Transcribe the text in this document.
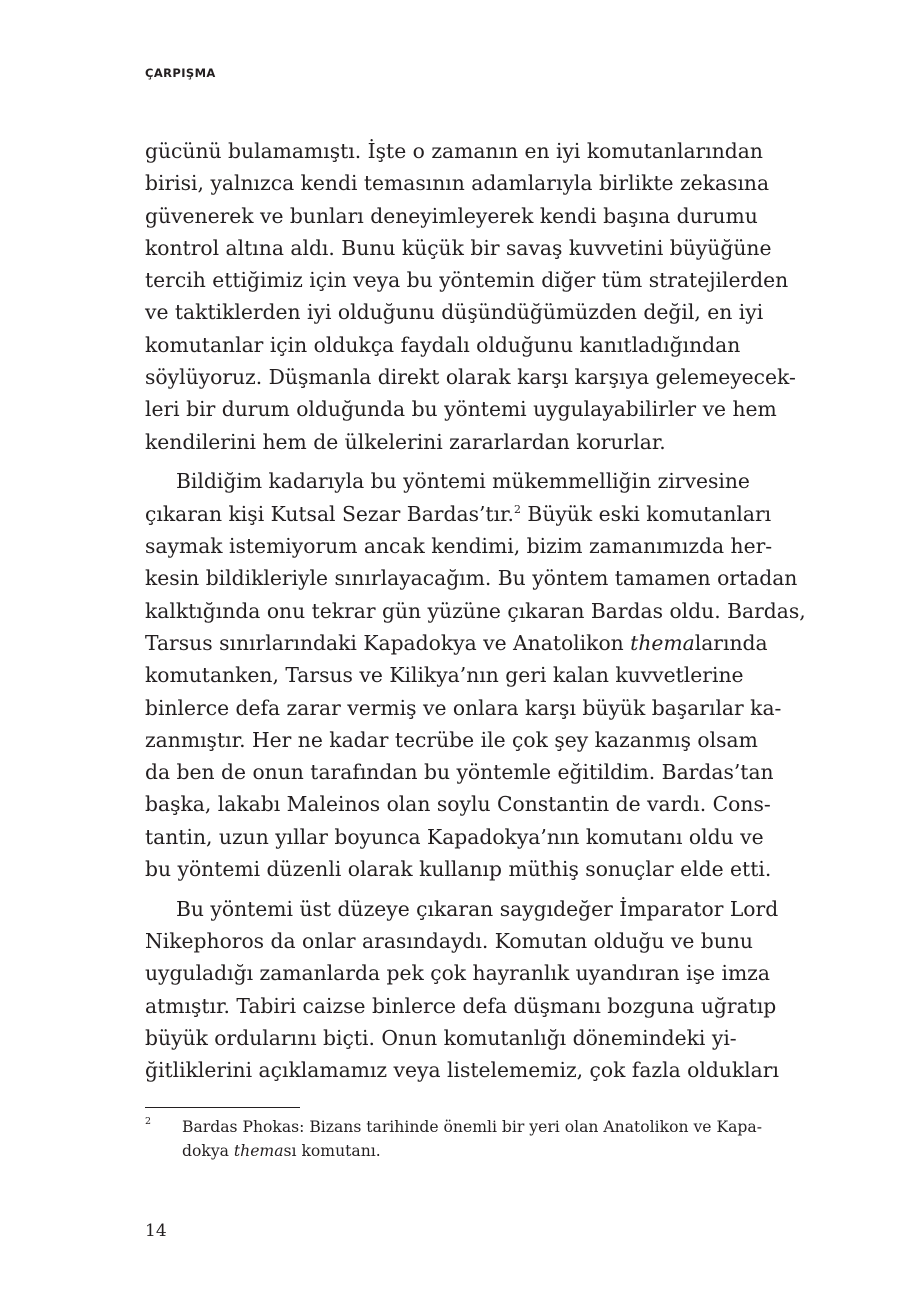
ÇARPIŞMA
gücünü bulamamıştı. İşte o zamanın en iyi komutanlarından
birisi, yalnızca kendi temasının adamlarıyla birlikte zekasına
güvenerek ve bunları deneyimleyerek kendi başına durumu
kontrol altına aldı. Bunu küçük bir savaş kuvvetini büyüğüne
tercih ettiğimiz için veya bu yöntemin diğer tüm stratejilerden
ve taktiklerden iyi olduğunu düşündüğümüzden değil, en iyi
komutanlar için oldukça faydalı olduğunu kanıtladığından
söylüyoruz. Düşmanla direkt olarak karşı karşıya gelemeyecek-
leri bir durum olduğunda bu yöntemi uygulayabilirler ve hem
kendilerini hem de ülkelerini zararlardan korurlar.
Bildiğim kadarıyla bu yöntemi mükemmelliğin zirvesine
çıkaran kişi Kutsal Sezar Bardas’tır.$^2$ Büyük eski komutanları
saymak istemiyorum ancak kendimi, bizim zamanımızda her-
kesin bildikleriyle sınırlayacağım. Bu yöntem tamamen ortadan
kalktığında onu tekrar gün yüzüne çıkaran Bardas oldu. Bardas,
Tarsus sınırlarındaki Kapadokya ve Anatolikon themalarında
komutanken, Tarsus ve Kilikya’nın geri kalan kuvvetlerine
binlerce defa zarar vermiş ve onlara karşı büyük başarılar ka-
zanmıştır. Her ne kadar tecrübe ile çok şey kazanmış olsam
da ben de onun tarafından bu yöntemle eğitildim. Bardas’tan
başka, lakabı Maleinos olan soylu Constantin de vardı. Cons-
tantin, uzun yıllar boyunca Kapadokya’nın komutanı oldu ve
bu yöntemi düzenli olarak kullanıp müthiş sonuçlar elde etti.
Bu yöntemi üst düzeye çıkaran saygıdeğer İmparator Lord
Nikephoros da onlar arasındaydı. Komutan olduğu ve bunu
uyguladığı zamanlarda pek çok hayranlık uyandıran işe imza
atmıştır. Tabiri caizse binlerce defa düşmanı bozguna uğratıp
büyük ordularını biçti. Onun komutanlığı dönemindeki yi-
ğitliklerini açıklamamız veya listelememiz, çok fazla oldukları
2 Bardas Phokas: Bizans tarihinde önemli bir yeri olan Anatolikon ve Kapa-
dokya theması komutanı.
14
